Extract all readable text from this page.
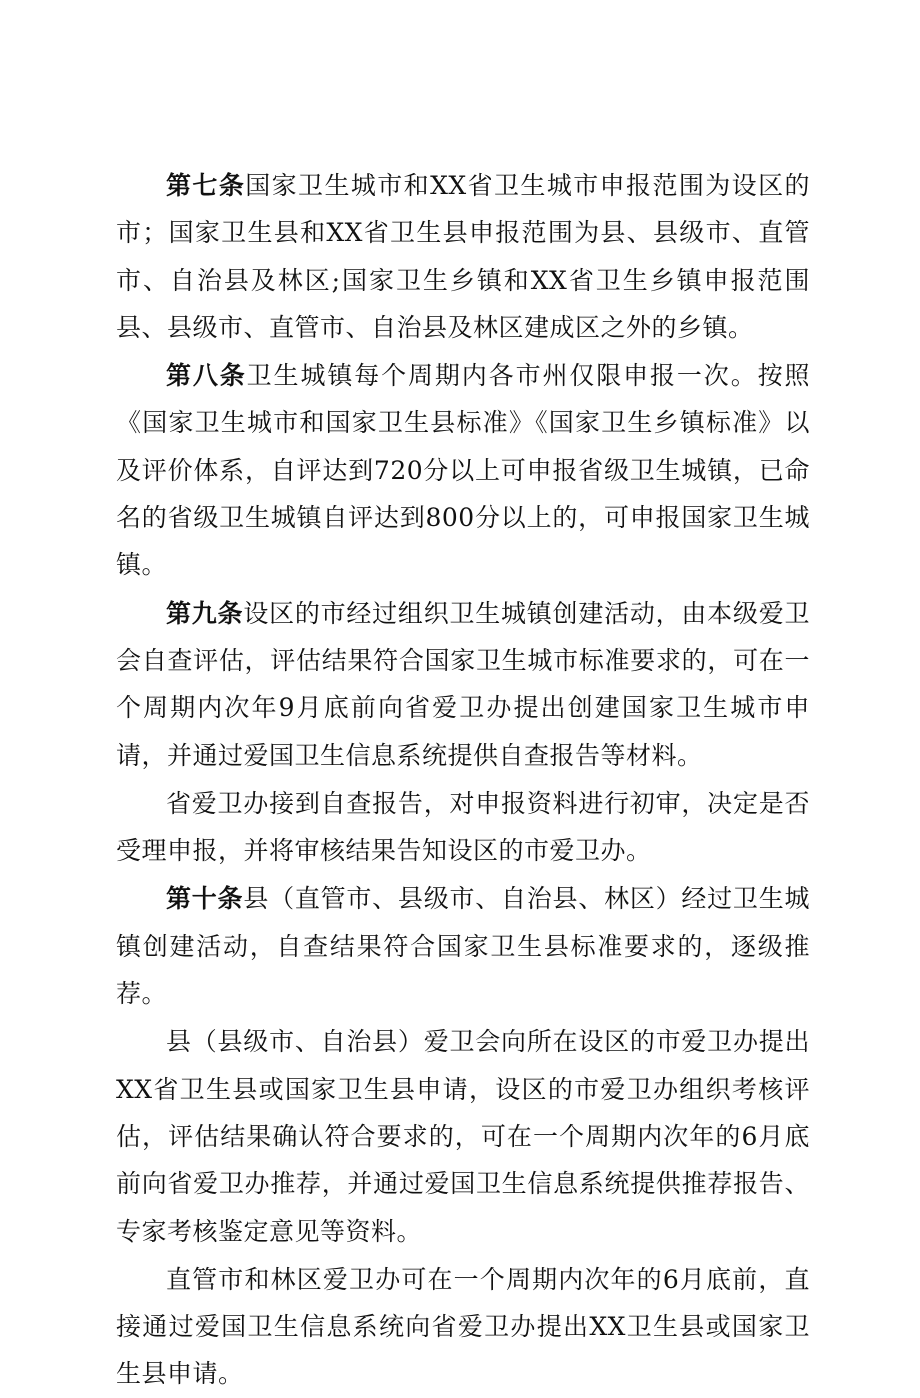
第七条国家卫生城市和XX省卫生城市申报范围为设区的市；国家卫生县和XX省卫生县申报范围为县、县级市、直管市、自治县及林区;国家卫生乡镇和XX省卫生乡镇申报范围县、县级市、直管市、自治县及林区建成区之外的乡镇。

第八条卫生城镇每个周期内各市州仅限申报一次。按照《国家卫生城市和国家卫生县标准》《国家卫生乡镇标准》以及评价体系，自评达到720分以上可申报省级卫生城镇，已命名的省级卫生城镇自评达到800分以上的，可申报国家卫生城镇。

第九条设区的市经过组织卫生城镇创建活动，由本级爱卫会自查评估，评估结果符合国家卫生城市标准要求的，可在一个周期内次年9月底前向省爱卫办提出创建国家卫生城市申请，并通过爱国卫生信息系统提供自查报告等材料。

省爱卫办接到自查报告，对申报资料进行初审，决定是否受理申报，并将审核结果告知设区的市爱卫办。

第十条县（直管市、县级市、自治县、林区）经过卫生城镇创建活动，自查结果符合国家卫生县标准要求的，逐级推荐。

县（县级市、自治县）爱卫会向所在设区的市爱卫办提出XX省卫生县或国家卫生县申请，设区的市爱卫办组织考核评估，评估结果确认符合要求的，可在一个周期内次年的6月底前向省爱卫办推荐，并通过爱国卫生信息系统提供推荐报告、专家考核鉴定意见等资料。

直管市和林区爱卫办可在一个周期内次年的6月底前，直接通过爱国卫生信息系统向省爱卫办提出XX卫生县或国家卫生县申请。
